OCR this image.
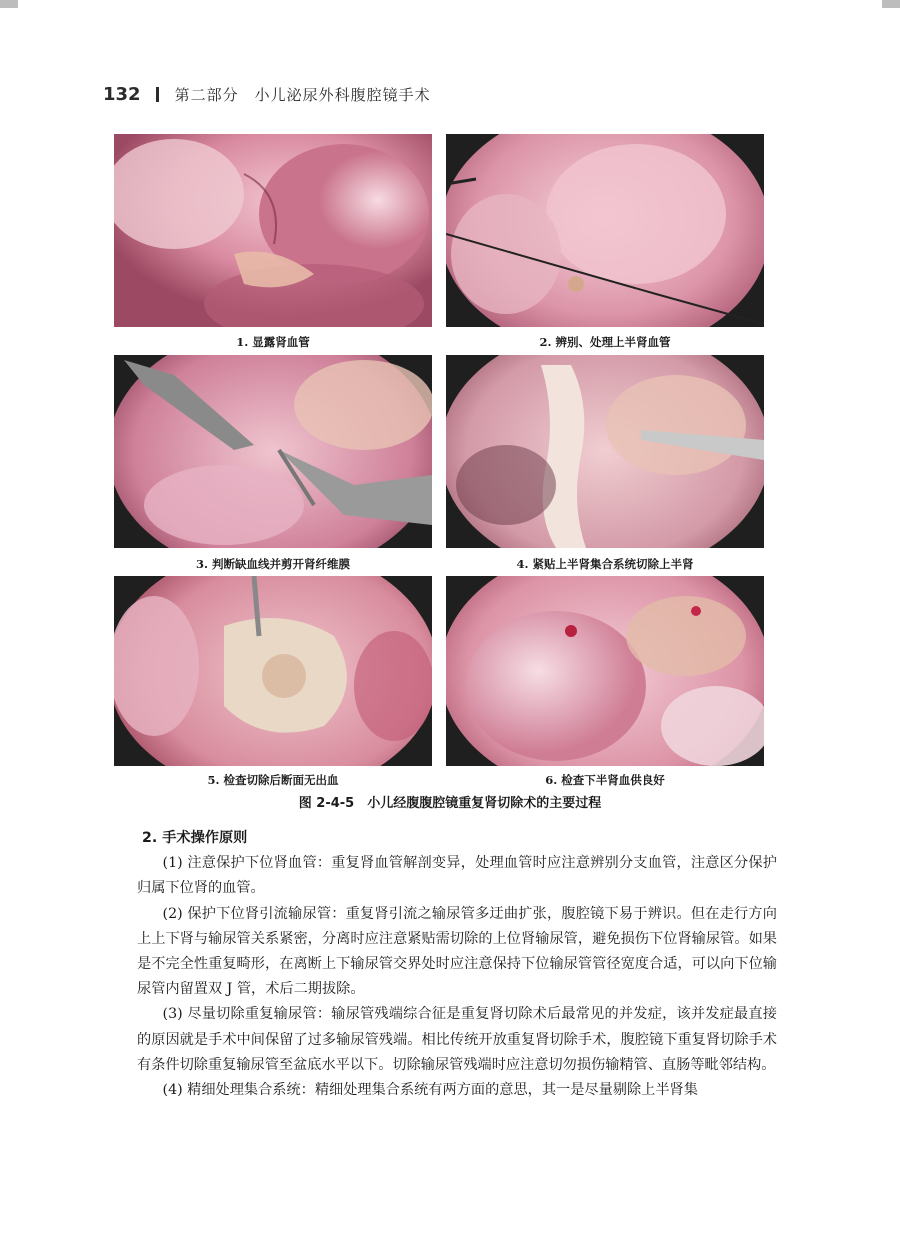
132 第二部分　小儿泌尿外科腹腔镜手术
1. 显露肾血管	2. 辨别、处理上半肾血管
3. 判断缺血线并剪开肾纤维膜	4. 紧贴上半肾集合系统切除上半肾
5. 检查切除后断面无出血	6. 检查下半肾血供良好
图 2-4-5　小儿经腹腹腔镜重复肾切除术的主要过程

2. 手术操作原则

(1) 注意保护下位肾血管：重复肾血管解剖变异，处理血管时应注意辨别分支血管，注意区分保护归属下位肾的血管。

(2) 保护下位肾引流输尿管：重复肾引流之输尿管多迂曲扩张，腹腔镜下易于辨识。但在走行方向上上下肾与输尿管关系紧密，分离时应注意紧贴需切除的上位肾输尿管，避免损伤下位肾输尿管。如果是不完全性重复畸形，在离断上下输尿管交界处时应注意保持下位输尿管管径宽度合适，可以向下位输尿管内留置双 J 管，术后二期拔除。

(3) 尽量切除重复输尿管：输尿管残端综合征是重复肾切除术后最常见的并发症，该并发症最直接的原因就是手术中间保留了过多输尿管残端。相比传统开放重复肾切除手术，腹腔镜下重复肾切除手术有条件切除重复输尿管至盆底水平以下。切除输尿管残端时应注意切勿损伤输精管、直肠等毗邻结构。

(4) 精细处理集合系统：精细处理集合系统有两方面的意思，其一是尽量剔除上半肾集
